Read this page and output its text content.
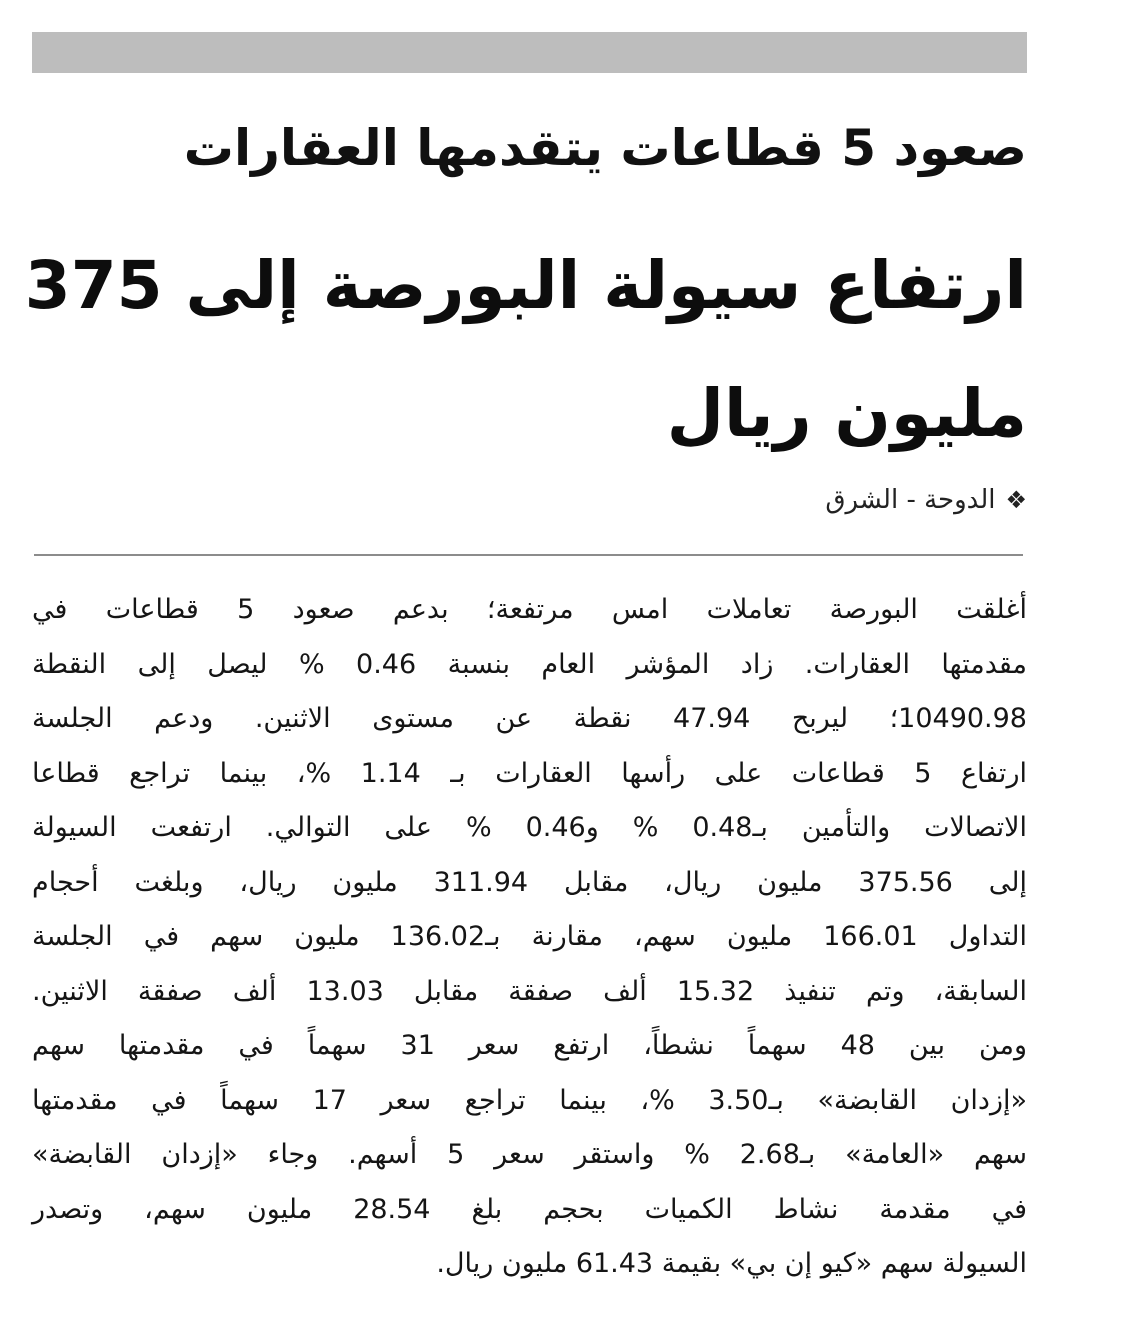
صعود 5 قطاعات يتقدمها العقارات
ارتفاع سيولة البورصة إلى 375
مليون ريال

❖الدوحة - الشرق

أغلقت البورصة تعاملات امس مرتفعة؛ بدعم صعود 5 قطاعات في
مقدمتها العقارات. زاد المؤشر العام بنسبة 0.46 % ليصل إلى النقطة
10490.98؛ ليربح 47.94 نقطة عن مستوى الاثنين. ودعم الجلسة
ارتفاع 5 قطاعات على رأسها العقارات بـ 1.14 %، بينما تراجع قطاعا
الاتصالات والتأمين بـ0.48 % و0.46 % على التوالي. ارتفعت السيولة
إلى 375.56 مليون ريال، مقابل 311.94 مليون ريال، وبلغت أحجام
التداول 166.01 مليون سهم، مقارنة بـ136.02 مليون سهم في الجلسة
السابقة، وتم تنفيذ 15.32 ألف صفقة مقابل 13.03 ألف صفقة الاثنين.
ومن بين 48 سهماً نشطاً، ارتفع سعر 31 سهماً في مقدمتها سهم
«إزدان القابضة» بـ3.50 %، بينما تراجع سعر 17 سهماً في مقدمتها
سهم «العامة» بـ2.68 % واستقر سعر 5 أسهم. وجاء «إزدان القابضة»
في مقدمة نشاط الكميات بحجم بلغ 28.54 مليون سهم، وتصدر
السيولة سهم «كيو إن بي» بقيمة 61.43 مليون ريال.
